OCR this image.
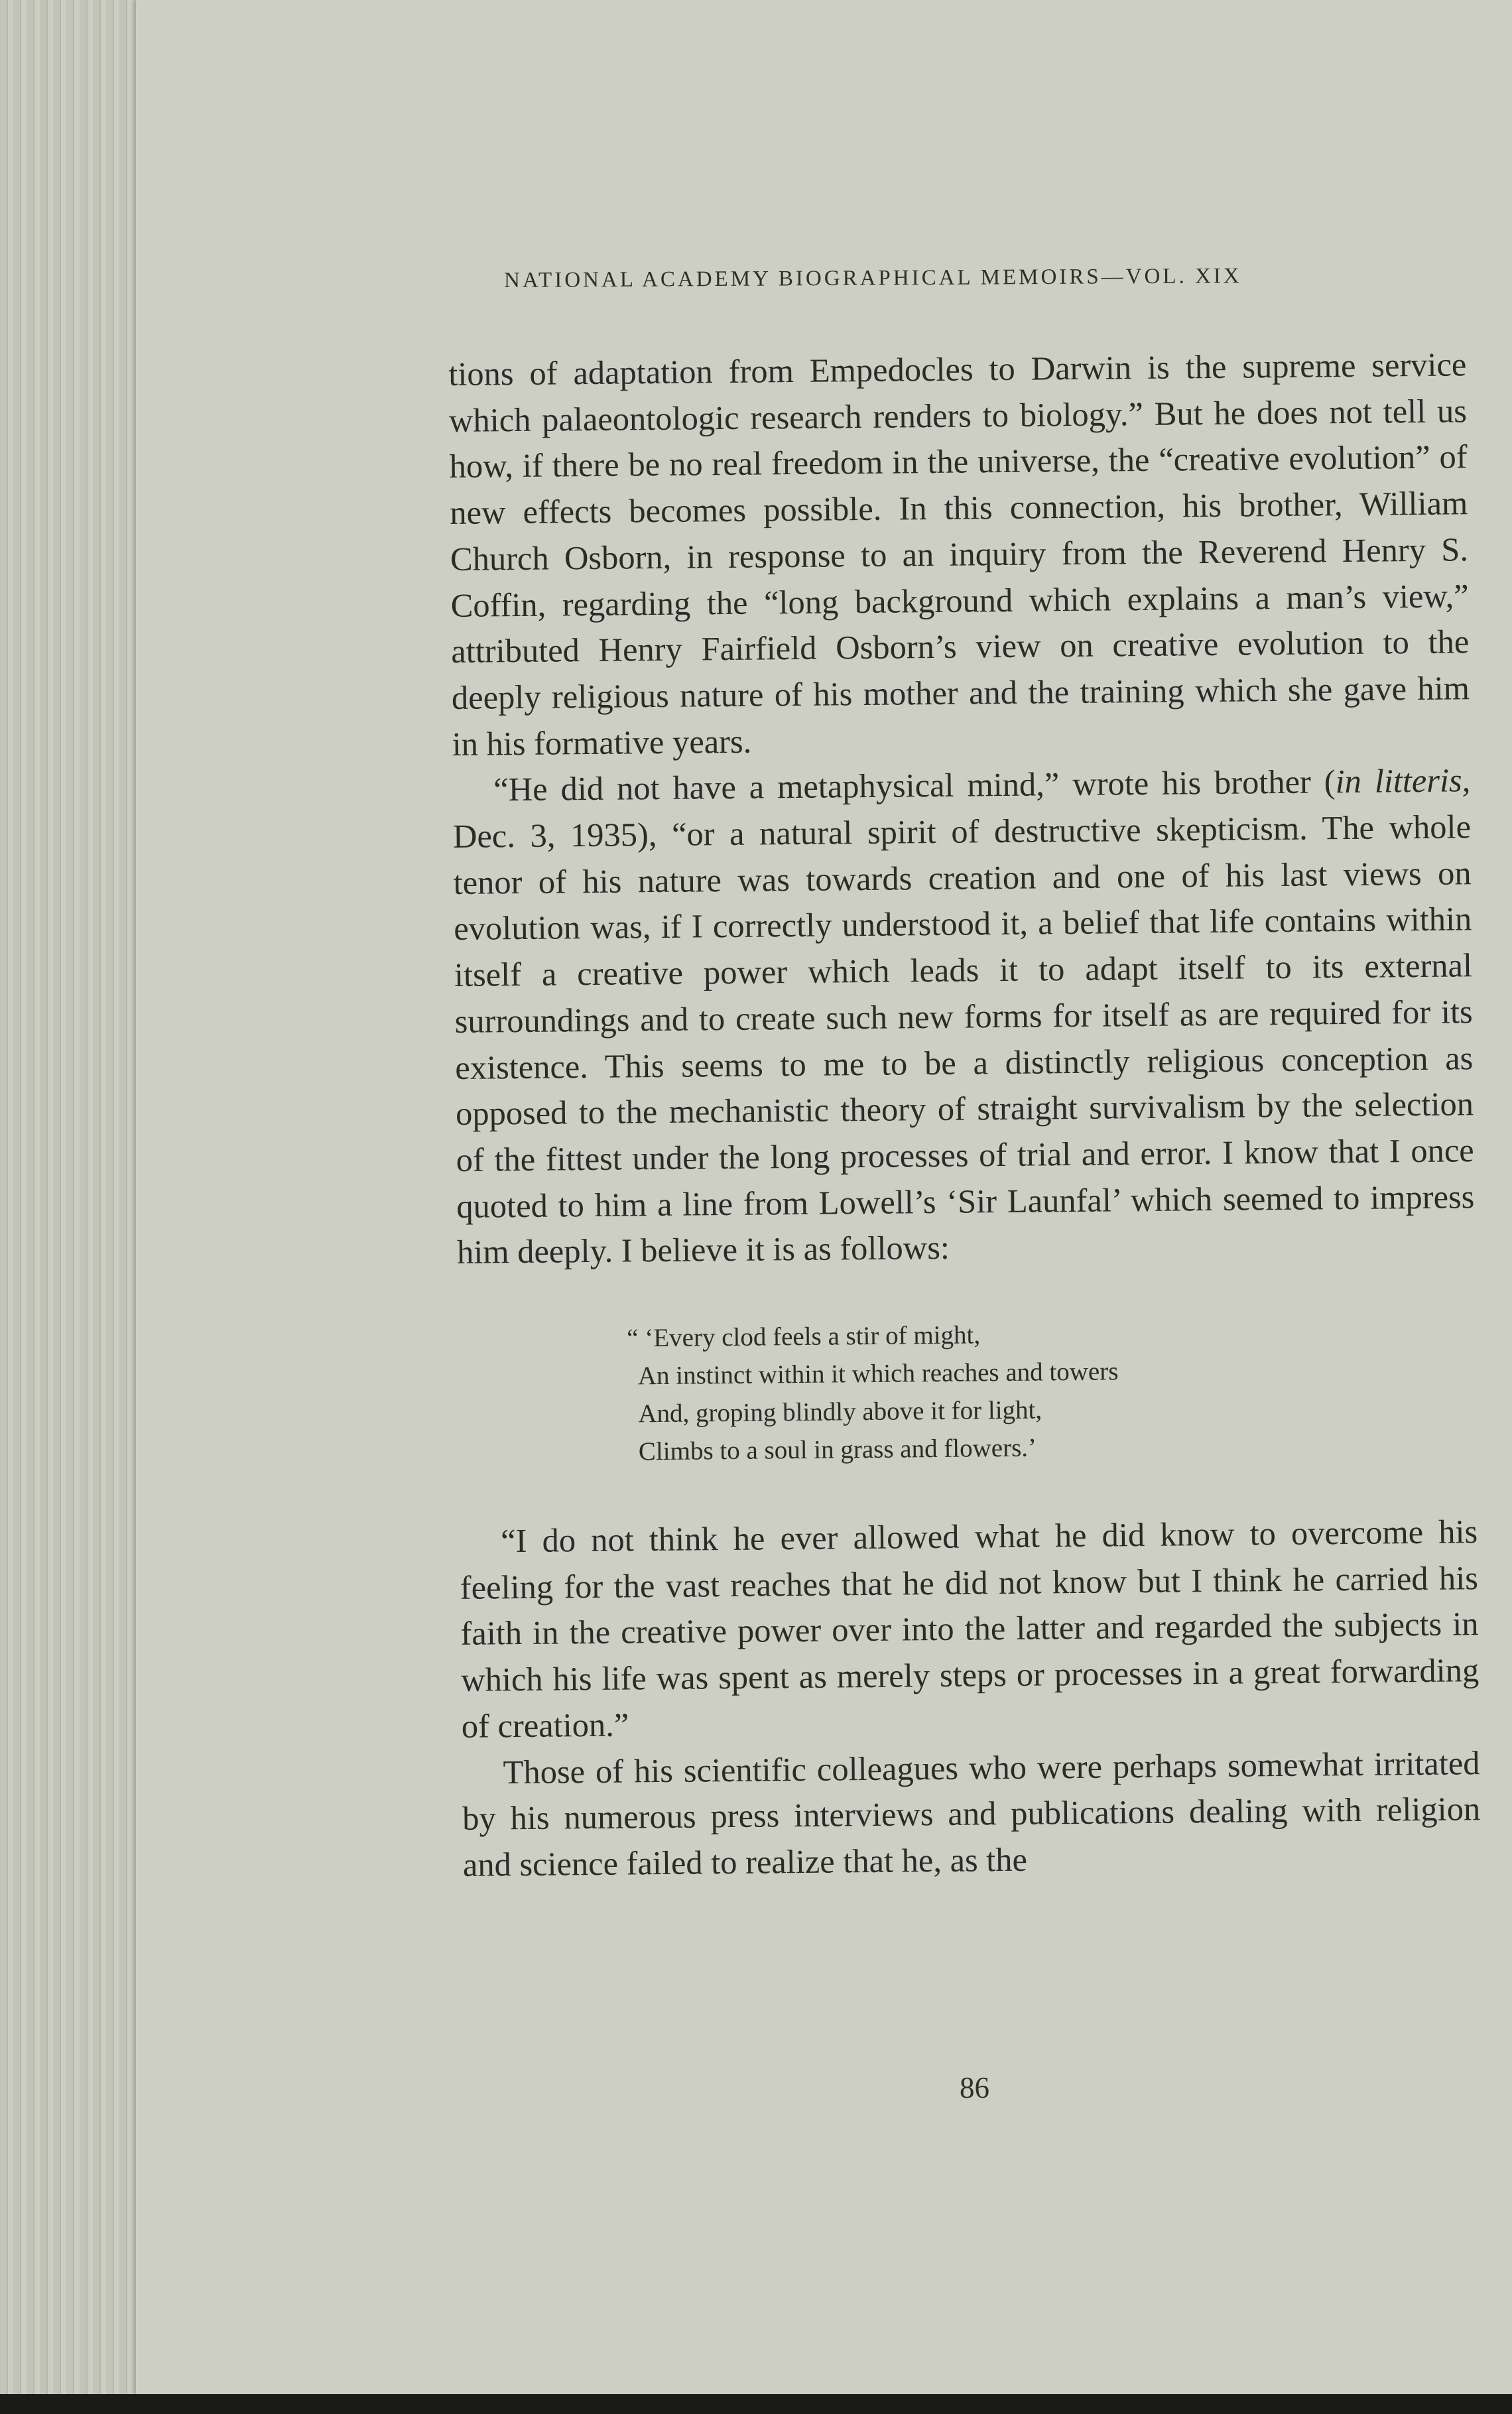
NATIONAL ACADEMY BIOGRAPHICAL MEMOIRS—VOL. XIX

tions of adaptation from Empedocles to Darwin is the supreme service which palaeontologic research renders to biology.” But he does not tell us how, if there be no real freedom in the universe, the “creative evolution” of new effects becomes possible. In this connection, his brother, William Church Osborn, in response to an inquiry from the Reverend Henry S. Coffin, regarding the “long background which explains a man’s view,” attributed Henry Fairfield Osborn’s view on creative evolution to the deeply religious nature of his mother and the training which she gave him in his formative years.

“He did not have a metaphysical mind,” wrote his brother (in litteris, Dec. 3, 1935), “or a natural spirit of destructive skepticism. The whole tenor of his nature was towards creation and one of his last views on evolution was, if I correctly understood it, a belief that life contains within itself a creative power which leads it to adapt itself to its external surroundings and to create such new forms for itself as are required for its existence. This seems to me to be a distinctly religious conception as opposed to the mechanistic theory of straight survivalism by the selection of the fittest under the long processes of trial and error. I know that I once quoted to him a line from Lowell’s ‘Sir Launfal’ which seemed to impress him deeply. I believe it is as follows:

“ ‘Every clod feels a stir of might,
An instinct within it which reaches and towers
And, groping blindly above it for light,
Climbs to a soul in grass and flowers.’

“I do not think he ever allowed what he did know to overcome his feeling for the vast reaches that he did not know but I think he carried his faith in the creative power over into the latter and regarded the subjects in which his life was spent as merely steps or processes in a great forwarding of creation.”

Those of his scientific colleagues who were perhaps somewhat irritated by his numerous press interviews and publications dealing with religion and science failed to realize that he, as the

86
